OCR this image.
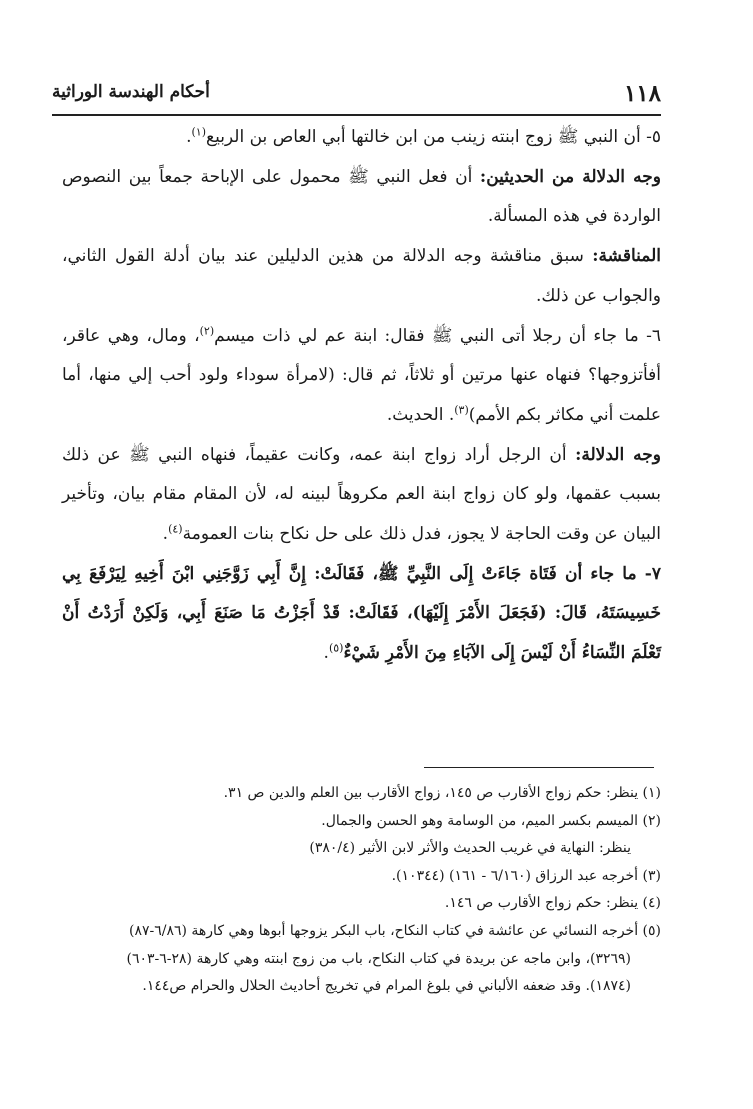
١١٨
أحكام الهندسة الوراثية

٥- أن النبي ﷺ زوج ابنته زينب من ابن خالتها أبي العاص بن الربيع$^{(١)}$.

وجه الدلالة من الحديثين: أن فعل النبي ﷺ محمول على الإباحة جمعاً بين النصوص الواردة في هذه المسألة.

المناقشة: سبق مناقشة وجه الدلالة من هذين الدليلين عند بيان أدلة القول الثاني، والجواب عن ذلك.

٦- ما جاء أن رجلا أتى النبي ﷺ فقال: ابنة عم لي ذات ميسم$^{(٢)}$، ومال، وهي عاقر، أفأتزوجها؟ فنهاه عنها مرتين أو ثلاثاً، ثم قال: (لامرأة سوداء ولود أحب إلي منها، أما علمت أني مكاثر بكم الأمم)$^{(٣)}$. الحديث.

وجه الدلالة: أن الرجل أراد زواج ابنة عمه، وكانت عقيماً، فنهاه النبي ﷺ عن ذلك بسبب عقمها، ولو كان زواج ابنة العم مكروهاً لبينه له، لأن المقام مقام بيان، وتأخير البيان عن وقت الحاجة لا يجوز، فدل ذلك على حل نكاح بنات العمومة$^{(٤)}$.

٧- ما جاء أن فَتَاة جَاءَتْ إِلَى النَّبِيِّ ﷺ، فَقَالَتْ: إِنَّ أَبِي زَوَّجَنِي ابْنَ أَخِيهِ لِيَرْفَعَ بِي خَسِيسَتَهُ، قَالَ: (فَجَعَلَ الأَمْرَ إِلَيْهَا)، فَقَالَتْ: قَدْ أَجَزْتُ مَا صَنَعَ أَبِي، وَلَكِنْ أَرَدْتُ أَنْ تَعْلَمَ النِّسَاءُ أَنْ لَيْسَ إِلَى الآبَاءِ مِنَ الأَمْرِ شَيْءٌ$^{(٥)}$.

(١) ينظر: حكم زواج الأقارب ص ١٤٥، زواج الأقارب بين العلم والدين ص ٣١.

(٢) الميسم بكسر الميم، من الوسامة وهو الحسن والجمال.

ينظر: النهاية في غريب الحديث والأثر لابن الأثير (٣٨٠/٤)

(٣) أخرجه عبد الرزاق (٦/١٦٠ - ١٦١) (١٠٣٤٤).

(٤) ينظر: حكم زواج الأقارب ص ١٤٦.

(٥) أخرجه النسائي عن عائشة في كتاب النكاح، باب البكر يزوجها أبوها وهي كارهة (٦/٨٦-٨٧)

(٣٢٦٩)، وابن ماجه عن بريدة في كتاب النكاح، باب من زوج ابنته وهي كارهة (٢٨-٦-٦٠٣)

(١٨٧٤). وقد ضعفه الألباني في بلوغ المرام في تخريج أحاديث الحلال والحرام ص١٤٤.
